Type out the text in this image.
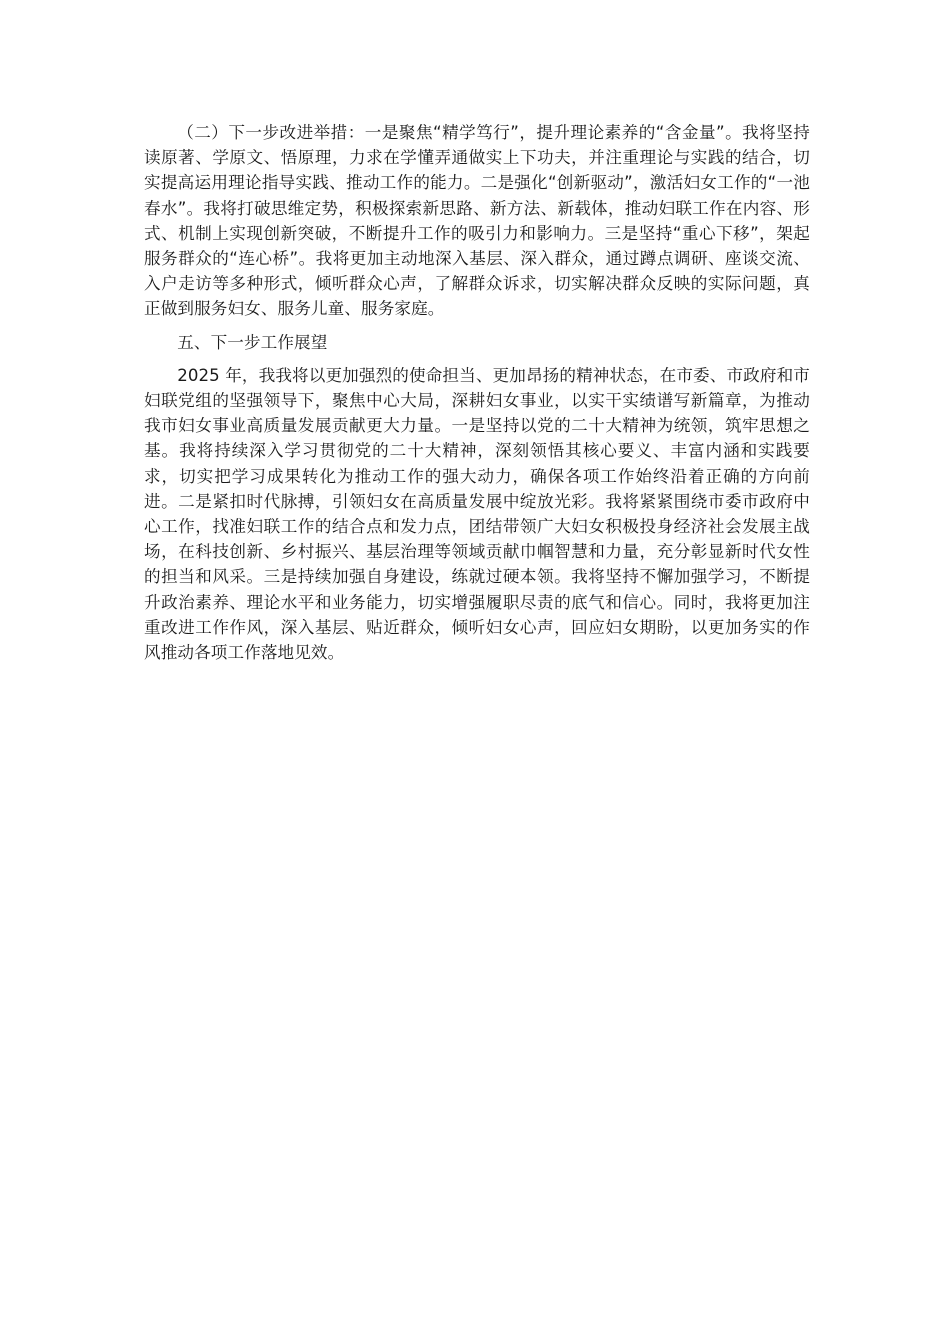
（二）下一步改进举措：一是聚焦“精学笃行”，提升理论素养的“含金量”。我将坚持读原著、学原文、悟原理，力求在学懂弄通做实上下功夫，并注重理论与实践的结合，切实提高运用理论指导实践、推动工作的能力。二是强化“创新驱动”，激活妇女工作的“一池春水”。我将打破思维定势，积极探索新思路、新方法、新载体，推动妇联工作在内容、形式、机制上实现创新突破，不断提升工作的吸引力和影响力。三是坚持“重心下移”，架起服务群众的“连心桥”。我将更加主动地深入基层、深入群众，通过蹲点调研、座谈交流、入户走访等多种形式，倾听群众心声，了解群众诉求，切实解决群众反映的实际问题，真正做到服务妇女、服务儿童、服务家庭。

五、下一步工作展望

2025 年，我我将以更加强烈的使命担当、更加昂扬的精神状态，在市委、市政府和市妇联党组的坚强领导下，聚焦中心大局，深耕妇女事业，以实干实绩谱写新篇章，为推动我市妇女事业高质量发展贡献更大力量。一是坚持以党的二十大精神为统领，筑牢思想之基。我将持续深入学习贯彻党的二十大精神，深刻领悟其核心要义、丰富内涵和实践要求，切实把学习成果转化为推动工作的强大动力，确保各项工作始终沿着正确的方向前进。二是紧扣时代脉搏，引领妇女在高质量发展中绽放光彩。我将紧紧围绕市委市政府中心工作，找准妇联工作的结合点和发力点，团结带领广大妇女积极投身经济社会发展主战场，在科技创新、乡村振兴、基层治理等领域贡献巾帼智慧和力量，充分彰显新时代女性的担当和风采。三是持续加强自身建设，练就过硬本领。我将坚持不懈加强学习，不断提升政治素养、理论水平和业务能力，切实增强履职尽责的底气和信心。同时，我将更加注重改进工作作风，深入基层、贴近群众，倾听妇女心声，回应妇女期盼，以更加务实的作风推动各项工作落地见效。
